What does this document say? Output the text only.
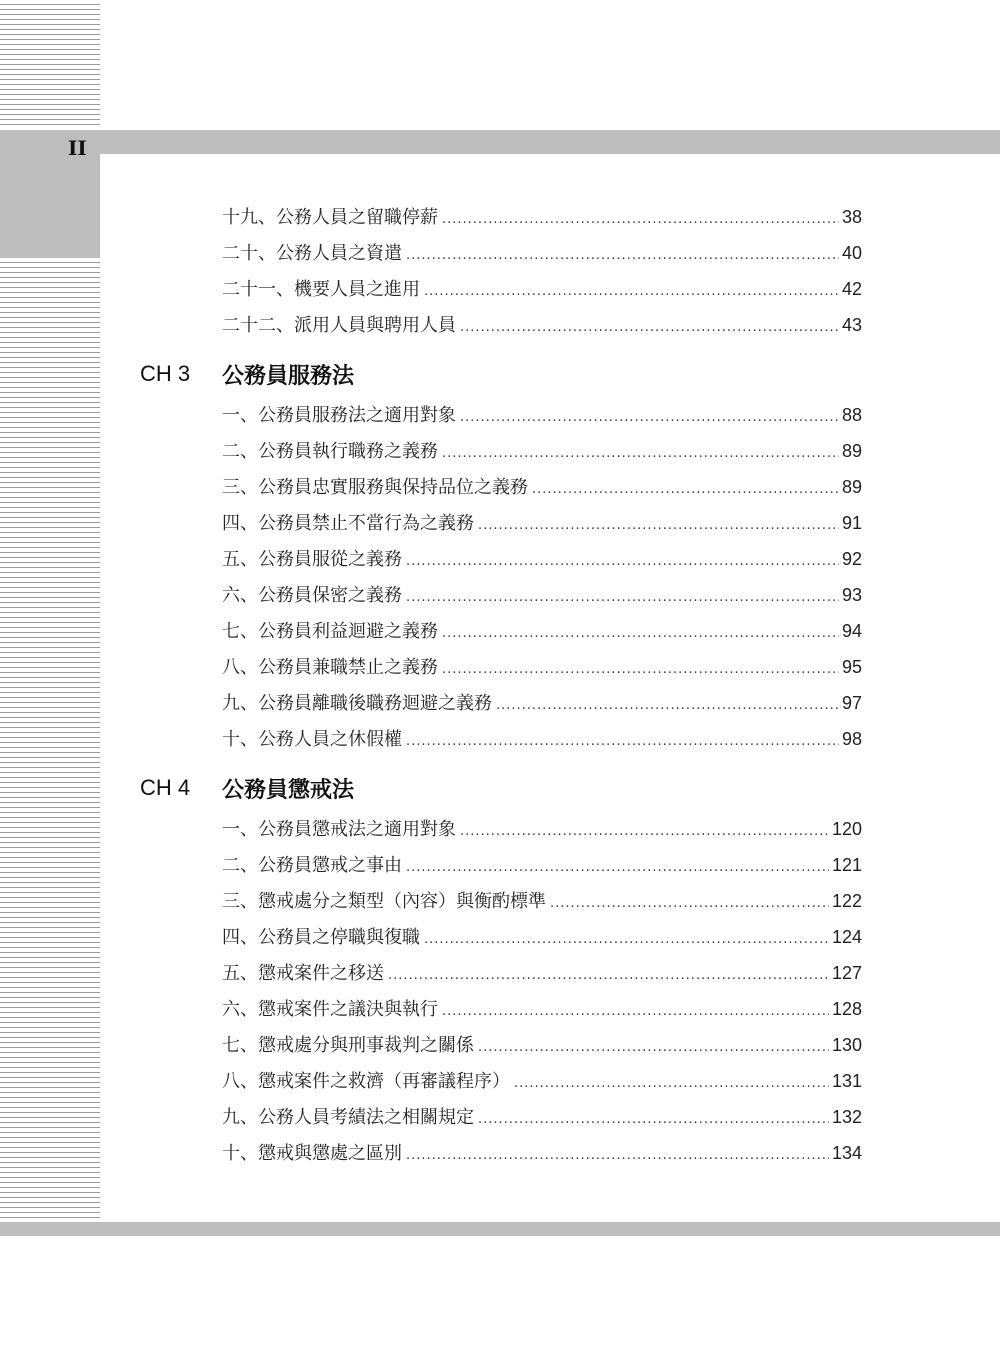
II
十九、公務人員之留職停薪 .....	38
二十、公務人員之資遣 .....	40
二十一、機要人員之進用 .....	42
二十二、派用人員與聘用人員 .....	43
CH 3	公務員服務法
一、公務員服務法之適用對象 .....	88
二、公務員執行職務之義務 .....	89
三、公務員忠實服務與保持品位之義務 .....	89
四、公務員禁止不當行為之義務 .....	91
五、公務員服從之義務 .....	92
六、公務員保密之義務 .....	93
七、公務員利益迴避之義務 .....	94
八、公務員兼職禁止之義務 .....	95
九、公務員離職後職務迴避之義務 .....	97
十、公務人員之休假權 .....	98
CH 4	公務員懲戒法
一、公務員懲戒法之適用對象 .....	120
二、公務員懲戒之事由 .....	121
三、懲戒處分之類型（內容）與衡酌標準 .....	122
四、公務員之停職與復職 .....	124
五、懲戒案件之移送 .....	127
六、懲戒案件之議決與執行 .....	128
七、懲戒處分與刑事裁判之關係 .....	130
八、懲戒案件之救濟（再審議程序） .....	131
九、公務人員考績法之相關規定 .....	132
十、懲戒與懲處之區別 .....	134
